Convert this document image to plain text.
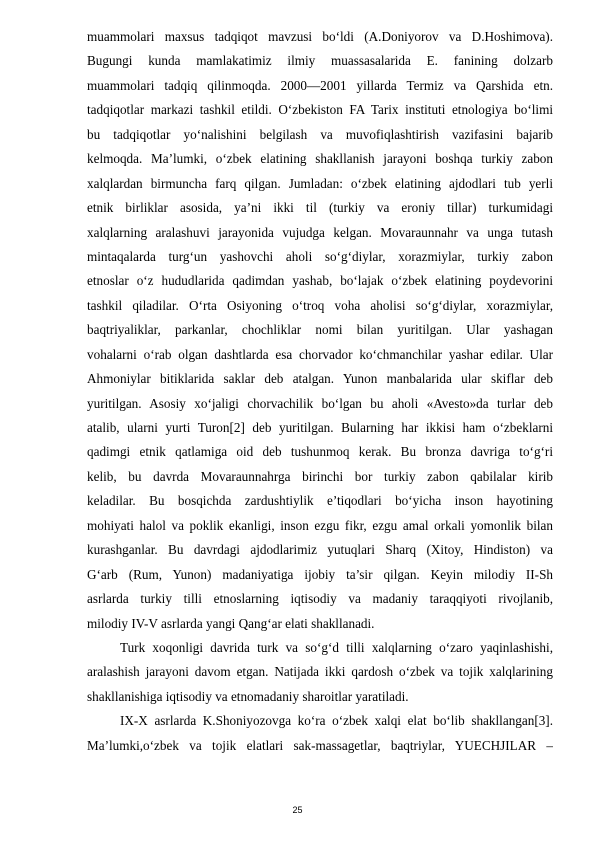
muammolari maxsus tadqiqot mavzusi bo‘ldi (A.Doniyorov va D.Hoshimova).
Bugungi kunda mamlakatimiz ilmiy muassasalarida E. fanining dolzarb
muammolari tadqiq qilinmoqda. 2000—2001 yillarda Termiz va Qarshida etn.
tadqiqotlar markazi tashkil etildi. O‘zbekiston FA Tarix instituti etnologiya bo‘limi
bu tadqiqotlar yo‘nalishini belgilash va muvofiqlashtirish vazifasini bajarib
kelmoqda. Ma’lumki, o‘zbek elatining shakllanish jarayoni boshqa turkiy zabon
xalqlardan birmuncha farq qilgan. Jumladan: o‘zbek elatining ajdodlari tub yerli
etnik birliklar asosida, ya’ni ikki til (turkiy va eroniy tillar) turkumidagi
xalqlarning aralashuvi jarayonida vujudga kelgan. Movaraunnahr va unga tutash
mintaqalarda turg‘un yashovchi aholi so‘g‘diylar, xorazmiylar, turkiy zabon
etnoslar o‘z hududlarida qadimdan yashab, bo‘lajak o‘zbek elatining poydevorini
tashkil qiladilar. O‘rta Osiyoning o‘troq voha aholisi so‘g‘diylar, xorazmiylar,
baqtriyaliklar, parkanlar, chochliklar nomi bilan yuritilgan. Ular yashagan
vohalarni o‘rab olgan dashtlarda esa chorvador ko‘chmanchilar yashar edilar. Ular
Ahmoniylar bitiklarida saklar deb atalgan. Yunon manbalarida ular skiflar deb
yuritilgan. Asosiy xo‘jaligi chorvachilik bo‘lgan bu aholi «Avesto»da turlar deb
atalib, ularni yurti Turon[2] deb yuritilgan. Bularning har ikkisi ham o‘zbeklarni
qadimgi etnik qatlamiga oid deb tushunmoq kerak. Bu bronza davriga to‘g‘ri
kelib, bu davrda Movaraunnahrga birinchi bor turkiy zabon qabilalar kirib
keladilar. Bu bosqichda zardushtiylik e’tiqodlari bo‘yicha inson hayotining
mohiyati halol va poklik ekanligi, inson ezgu fikr, ezgu amal orkali yomonlik bilan
kurashganlar. Bu davrdagi ajdodlarimiz yutuqlari Sharq (Xitoy, Hindiston) va
G‘arb (Rum, Yunon) madaniyatiga ijobiy ta’sir qilgan. Keyin milodiy II-Sh
asrlarda turkiy tilli etnoslarning iqtisodiy va madaniy taraqqiyoti rivojlanib,
milodiy IV-V asrlarda yangi Qang‘ar elati shakllanadi.
Turk xoqonligi davrida turk va so‘g‘d tilli xalqlarning o‘zaro yaqinlashishi,
aralashish jarayoni davom etgan. Natijada ikki qardosh o‘zbek va tojik xalqlarining
shakllanishiga iqtisodiy va etnomadaniy sharoitlar yaratiladi.
IX-X asrlarda K.Shoniyozovga ko‘ra o‘zbek xalqi elat bo‘lib shakllangan[3].
Ma’lumki,o‘zbek va tojik elatlari sak-massagetlar, baqtriylar, YUECHJILAR –
25
